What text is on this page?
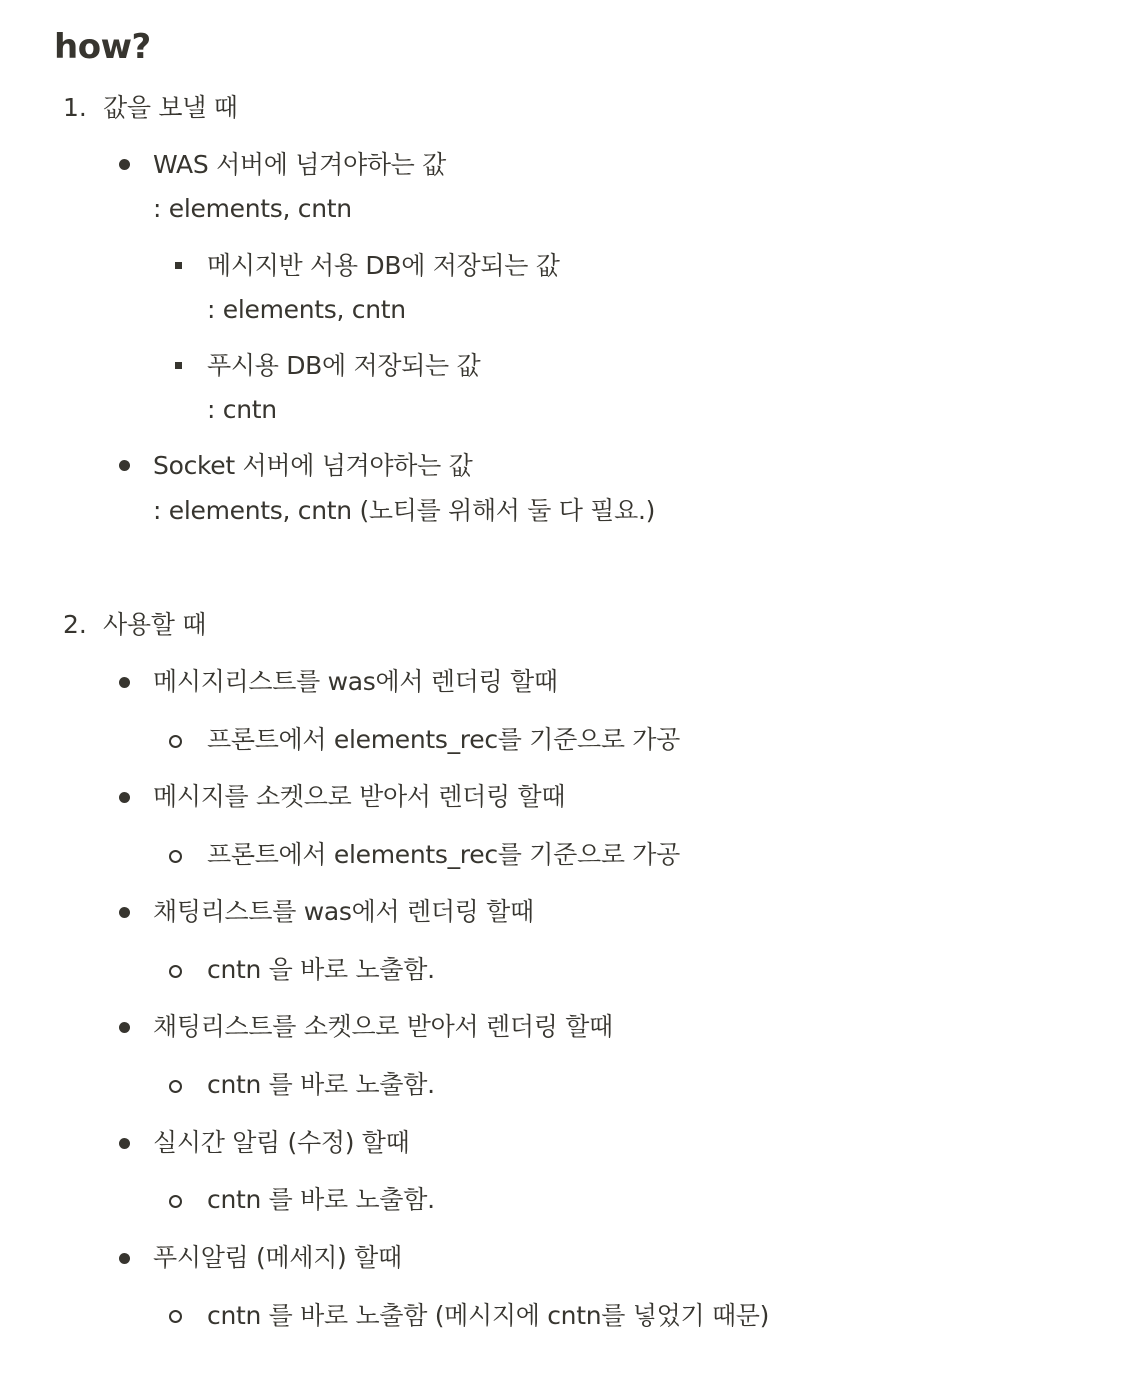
how?
1. 값을 보낼 때
WAS 서버에 넘겨야하는 값
: elements, cntn
메시지반 서용 DB에 저장되는 값
: elements, cntn
푸시용 DB에 저장되는 값
: cntn
Socket 서버에 넘겨야하는 값
: elements, cntn (노티를 위해서 둘 다 필요.)
2. 사용할 때
메시지리스트를 was에서 렌더링 할때
프론트에서 elements_rec를 기준으로 가공
메시지를 소켓으로 받아서 렌더링 할때
프론트에서 elements_rec를 기준으로 가공
채팅리스트를 was에서 렌더링 할때
cntn 을 바로 노출함.
채팅리스트를 소켓으로 받아서 렌더링 할때
cntn 를 바로 노출함.
실시간 알림 (수정) 할때
cntn 를 바로 노출함.
푸시알림 (메세지) 할때
cntn 를 바로 노출함 (메시지에 cntn를 넣었기 때문)
